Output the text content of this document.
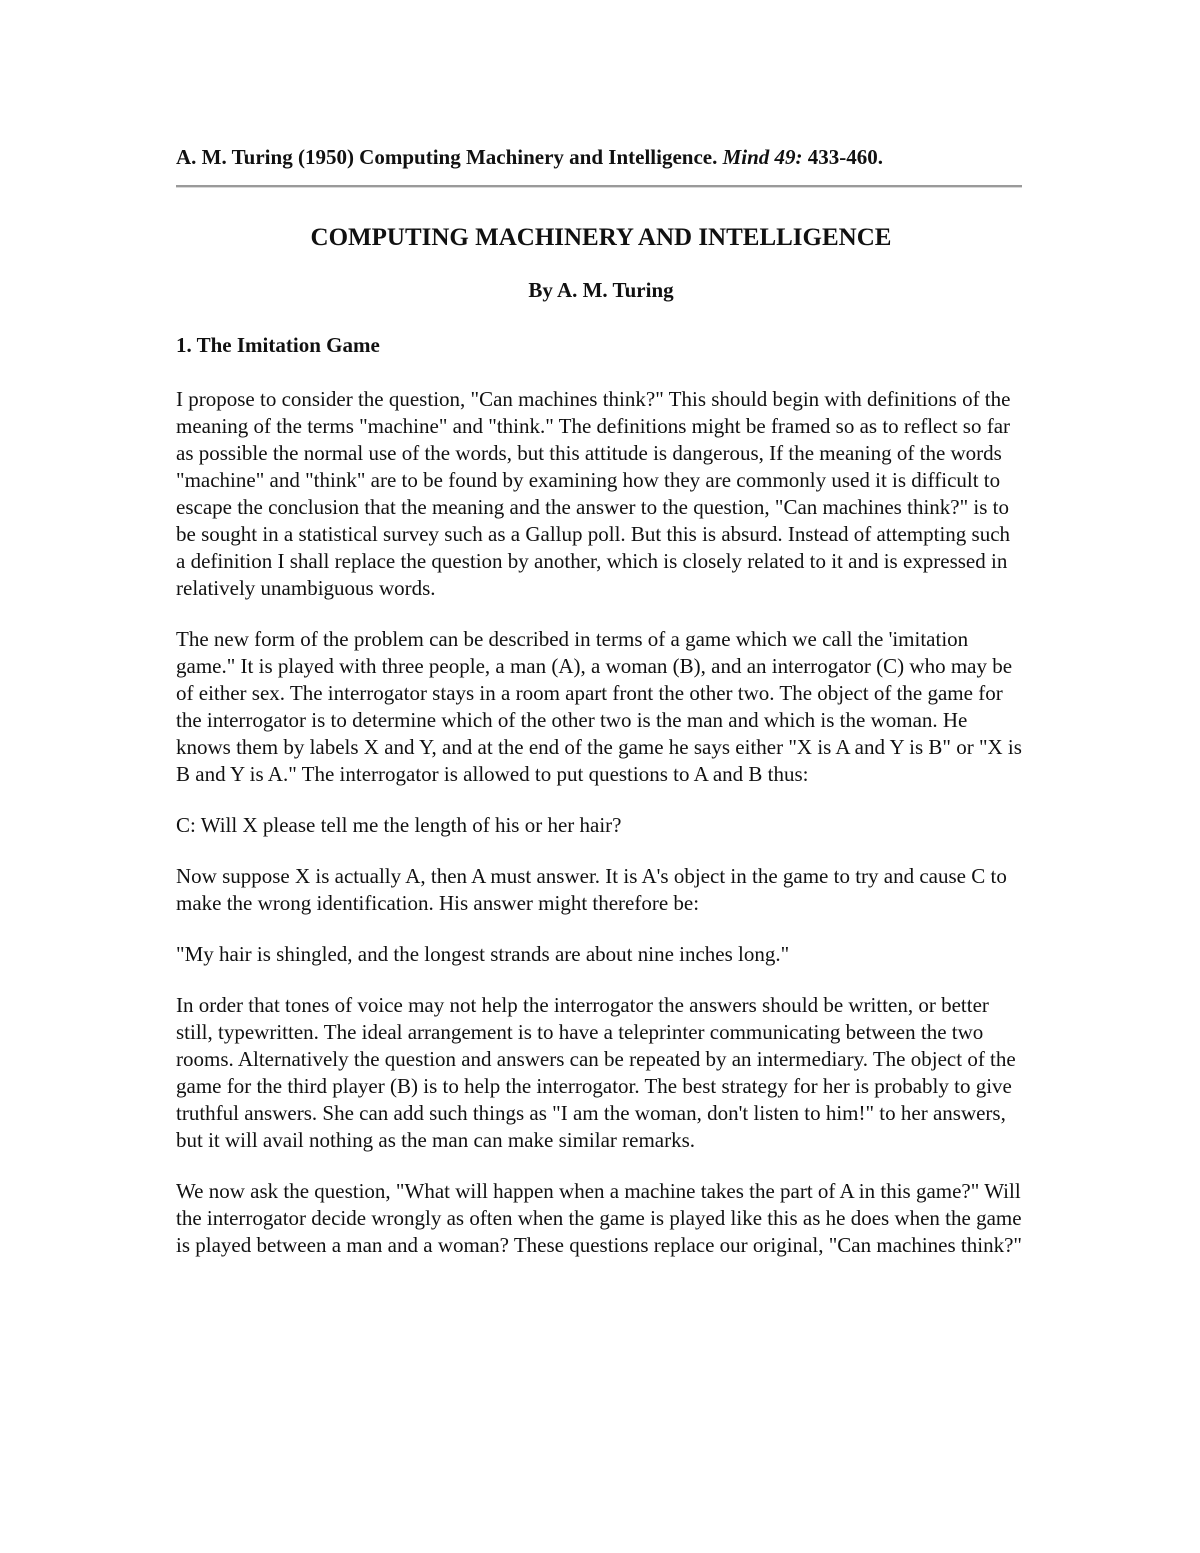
A. M. Turing (1950) Computing Machinery and Intelligence. Mind 49: 433-460.

COMPUTING MACHINERY AND INTELLIGENCE

By A. M. Turing

1. The Imitation Game

I propose to consider the question, "Can machines think?" This should begin with definitions of the meaning of the terms "machine" and "think." The definitions might be framed so as to reflect so far as possible the normal use of the words, but this attitude is dangerous, If the meaning of the words "machine" and "think" are to be found by examining how they are commonly used it is difficult to escape the conclusion that the meaning and the answer to the question, "Can machines think?" is to be sought in a statistical survey such as a Gallup poll. But this is absurd. Instead of attempting such a definition I shall replace the question by another, which is closely related to it and is expressed in relatively unambiguous words.

The new form of the problem can be described in terms of a game which we call the 'imitation game." It is played with three people, a man (A), a woman (B), and an interrogator (C) who may be of either sex. The interrogator stays in a room apart front the other two. The object of the game for the interrogator is to determine which of the other two is the man and which is the woman. He knows them by labels X and Y, and at the end of the game he says either "X is A and Y is B" or "X is B and Y is A." The interrogator is allowed to put questions to A and B thus:

C: Will X please tell me the length of his or her hair?

Now suppose X is actually A, then A must answer. It is A's object in the game to try and cause C to make the wrong identification. His answer might therefore be:

"My hair is shingled, and the longest strands are about nine inches long."

In order that tones of voice may not help the interrogator the answers should be written, or better still, typewritten. The ideal arrangement is to have a teleprinter communicating between the two rooms. Alternatively the question and answers can be repeated by an intermediary. The object of the game for the third player (B) is to help the interrogator. The best strategy for her is probably to give truthful answers. She can add such things as "I am the woman, don't listen to him!" to her answers, but it will avail nothing as the man can make similar remarks.

We now ask the question, "What will happen when a machine takes the part of A in this game?" Will the interrogator decide wrongly as often when the game is played like this as he does when the game is played between a man and a woman? These questions replace our original, "Can machines think?"
